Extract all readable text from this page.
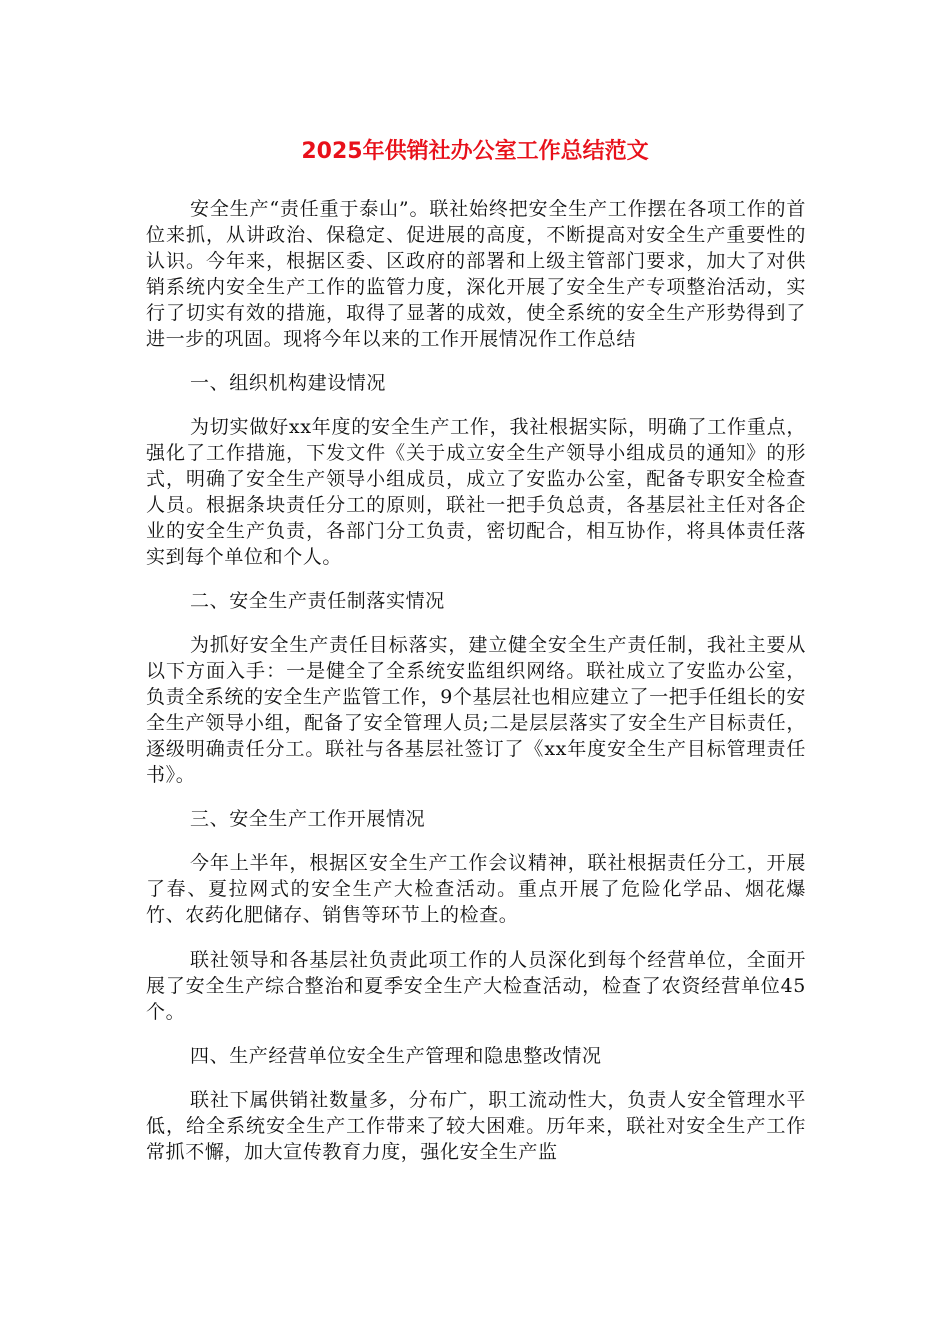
2025年供销社办公室工作总结范文

安全生产“责任重于泰山”。联社始终把安全生产工作摆在各项工作的首位来抓，从讲政治、保稳定、促进展的高度，不断提高对安全生产重要性的认识。今年来，根据区委、区政府的部署和上级主管部门要求，加大了对供销系统内安全生产工作的监管力度，深化开展了安全生产专项整治活动，实行了切实有效的措施，取得了显著的成效，使全系统的安全生产形势得到了进一步的巩固。现将今年以来的工作开展情况作工作总结

一、组织机构建设情况

为切实做好xx年度的安全生产工作，我社根据实际，明确了工作重点，强化了工作措施，下发文件《关于成立安全生产领导小组成员的通知》的形式，明确了安全生产领导小组成员，成立了安监办公室，配备专职安全检查人员。根据条块责任分工的原则，联社一把手负总责，各基层社主任对各企业的安全生产负责，各部门分工负责，密切配合，相互协作，将具体责任落实到每个单位和个人。

二、安全生产责任制落实情况

为抓好安全生产责任目标落实，建立健全安全生产责任制，我社主要从以下方面入手：一是健全了全系统安监组织网络。联社成立了安监办公室，负责全系统的安全生产监管工作，9个基层社也相应建立了一把手任组长的安全生产领导小组，配备了安全管理人员;二是层层落实了安全生产目标责任，逐级明确责任分工。联社与各基层社签订了《xx年度安全生产目标管理责任书》。

三、安全生产工作开展情况

今年上半年，根据区安全生产工作会议精神，联社根据责任分工，开展了春、夏拉网式的安全生产大检查活动。重点开展了危险化学品、烟花爆竹、农药化肥储存、销售等环节上的检查。

联社领导和各基层社负责此项工作的人员深化到每个经营单位，全面开展了安全生产综合整治和夏季安全生产大检查活动，检查了农资经营单位45个。

四、生产经营单位安全生产管理和隐患整改情况

联社下属供销社数量多，分布广，职工流动性大，负责人安全管理水平低，给全系统安全生产工作带来了较大困难。历年来，联社对安全生产工作常抓不懈，加大宣传教育力度，强化安全生产监
